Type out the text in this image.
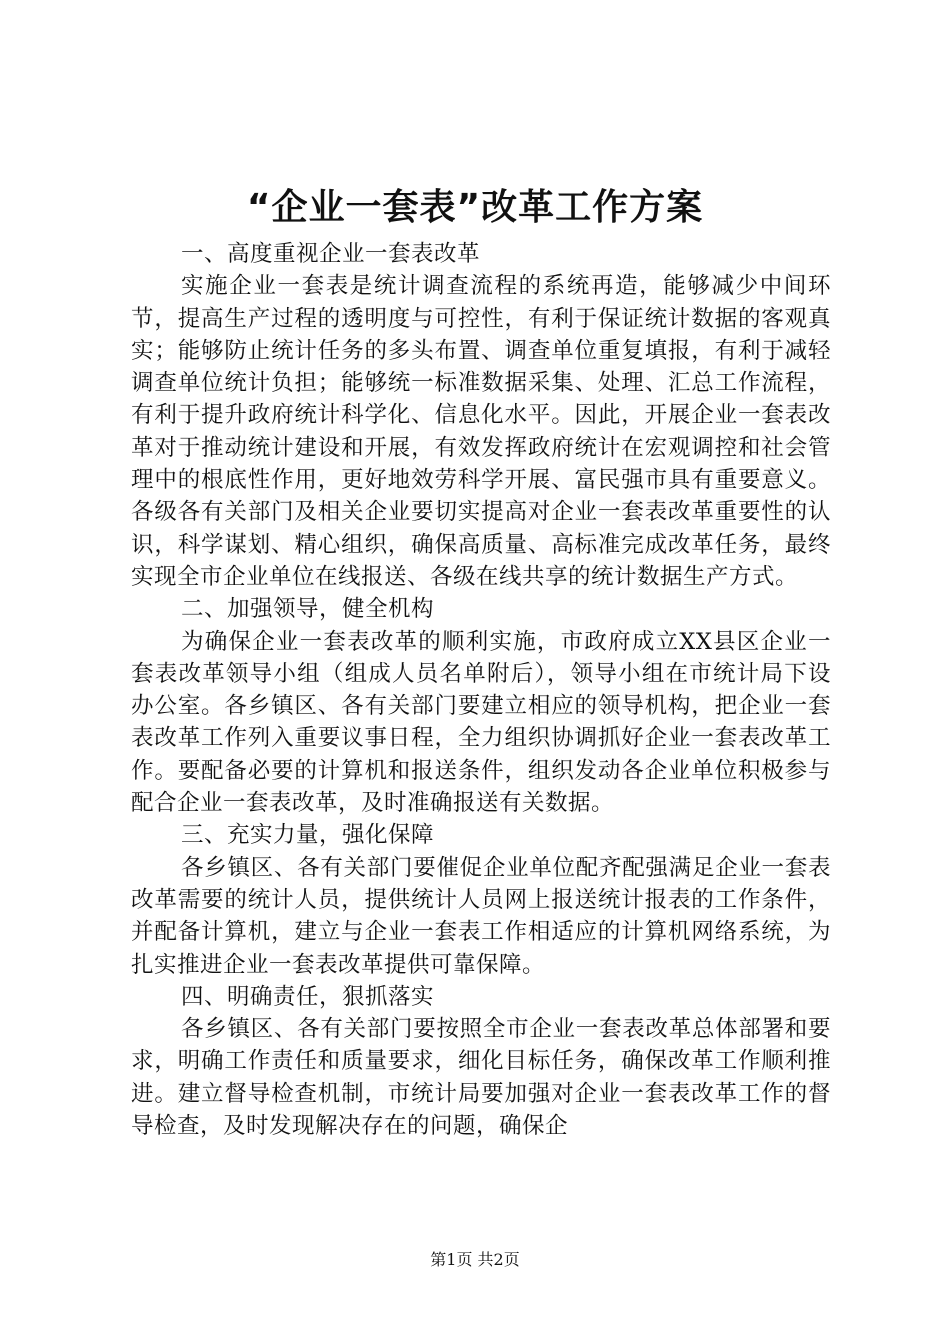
“企业一套表”改革工作方案

一、高度重视企业一套表改革

实施企业一套表是统计调查流程的系统再造，能够减少中间环节，提高生产过程的透明度与可控性，有利于保证统计数据的客观真实；能够防止统计任务的多头布置、调查单位重复填报，有利于减轻调查单位统计负担；能够统一标准数据采集、处理、汇总工作流程，有利于提升政府统计科学化、信息化水平。因此，开展企业一套表改革对于推动统计建设和开展，有效发挥政府统计在宏观调控和社会管理中的根底性作用，更好地效劳科学开展、富民强市具有重要意义。各级各有关部门及相关企业要切实提高对企业一套表改革重要性的认识，科学谋划、精心组织，确保高质量、高标准完成改革任务，最终实现全市企业单位在线报送、各级在线共享的统计数据生产方式。

二、加强领导，健全机构

为确保企业一套表改革的顺利实施，市政府成立XX县区企业一套表改革领导小组（组成人员名单附后），领导小组在市统计局下设办公室。各乡镇区、各有关部门要建立相应的领导机构，把企业一套表改革工作列入重要议事日程，全力组织协调抓好企业一套表改革工作。要配备必要的计算机和报送条件，组织发动各企业单位积极参与配合企业一套表改革，及时准确报送有关数据。

三、充实力量，强化保障

各乡镇区、各有关部门要催促企业单位配齐配强满足企业一套表改革需要的统计人员，提供统计人员网上报送统计报表的工作条件，并配备计算机，建立与企业一套表工作相适应的计算机网络系统，为扎实推进企业一套表改革提供可靠保障。

四、明确责任，狠抓落实

各乡镇区、各有关部门要按照全市企业一套表改革总体部署和要求，明确工作责任和质量要求，细化目标任务，确保改革工作顺利推进。建立督导检查机制，市统计局要加强对企业一套表改革工作的督导检查，及时发现解决存在的问题，确保企

第1页 共2页
